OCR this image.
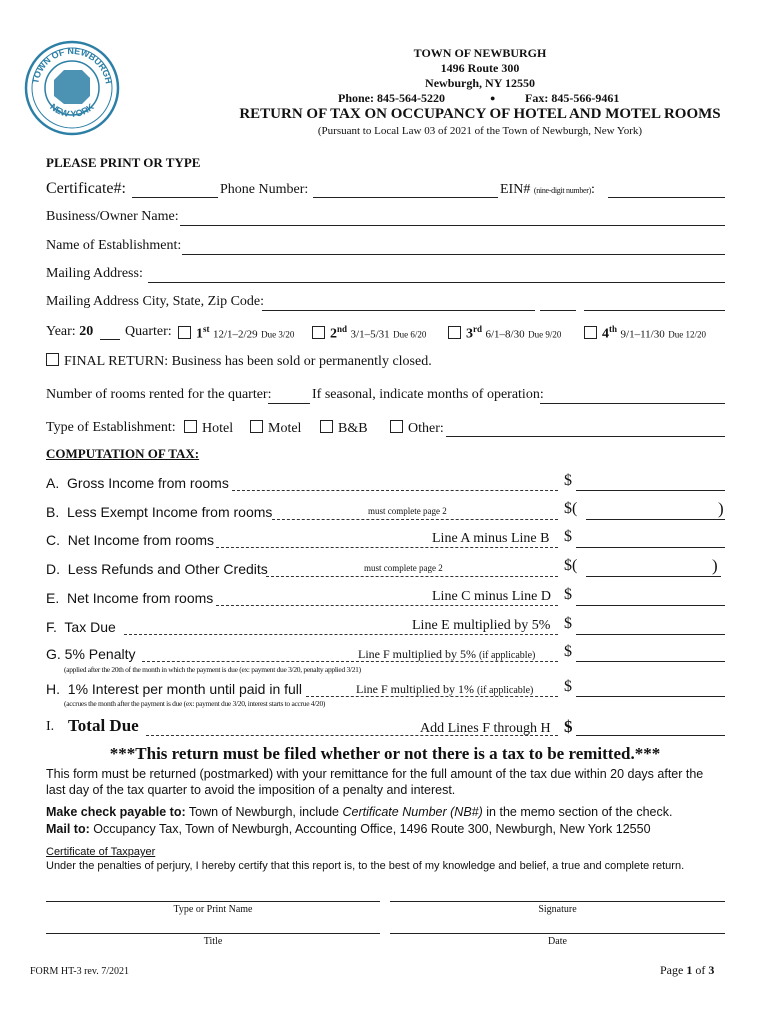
TOWN OF NEWBURGH
NEW YORK
TOWN OF NEWBURGH
1496 Route 300
Newburgh, NY 12550
Phone: 845-564-5220	● Fax: 845-566-9461
RETURN OF TAX ON OCCUPANCY OF HOTEL AND MOTEL ROOMS
(Pursuant to Local Law 03 of 2021 of the Town of Newburgh, New York)
PLEASE PRINT OR TYPE
Certificate#:	Phone Number:	EIN# (nine-digit number):
Business/Owner Name:
Name of Establishment:
Mailing Address:
Mailing Address City, State, Zip Code:
Year: 20 Quarter:	1st 12/1–2/29 Due 3/20	2nd 3/1–5/31 Due 6/20	3rd 6/1–8/30 Due 9/20	4th 9/1–11/30 Due 12/20
FINAL RETURN: Business has been sold or permanently closed.
Number of rooms rented for the quarter:	If seasonal, indicate months of operation:
Type of Establishment:	Hotel	Motel	B&B	Other:
COMPUTATION OF TAX:
A. Gross Income from rooms	$
B. Less Exempt Income from rooms	must complete page 2	$(	)
C. Net Income from rooms	Line A minus Line B $
D. Less Refunds and Other Credits	must complete page 2	$(	)
E. Net Income from rooms	Line C minus Line D $
F. Tax Due	Line E multiplied by 5% $
G. 5% Penalty	Line F multiplied by 5% (if applicable) $
(applied after the 20th of the month in which the payment is due (ex: payment due 3/20, penalty applied 3/21)
H. 1% Interest per month until paid in full	Line F multiplied by 1% (if applicable) $
(accrues the month after the payment is due (ex: payment due 3/20, interest starts to accrue 4/20)
I. Total Due	Add Lines F through H $
***This return must be filed whether or not there is a tax to be remitted.***
This form must be returned (postmarked) with your remittance for the full amount of the tax due within 20 days after the last day of the tax quarter to avoid the imposition of a penalty and interest.
Make check payable to: Town of Newburgh, include Certificate Number (NB#) in the memo section of the check.
Mail to: Occupancy Tax, Town of Newburgh, Accounting Office, 1496 Route 300, Newburgh, New York 12550
Certificate of Taxpayer
Under the penalties of perjury, I hereby certify that this report is, to the best of my knowledge and belief, a true and complete return.
Type or Print Name	Signature
Title	Date
FORM HT-3 rev. 7/2021	Page 1 of 3
